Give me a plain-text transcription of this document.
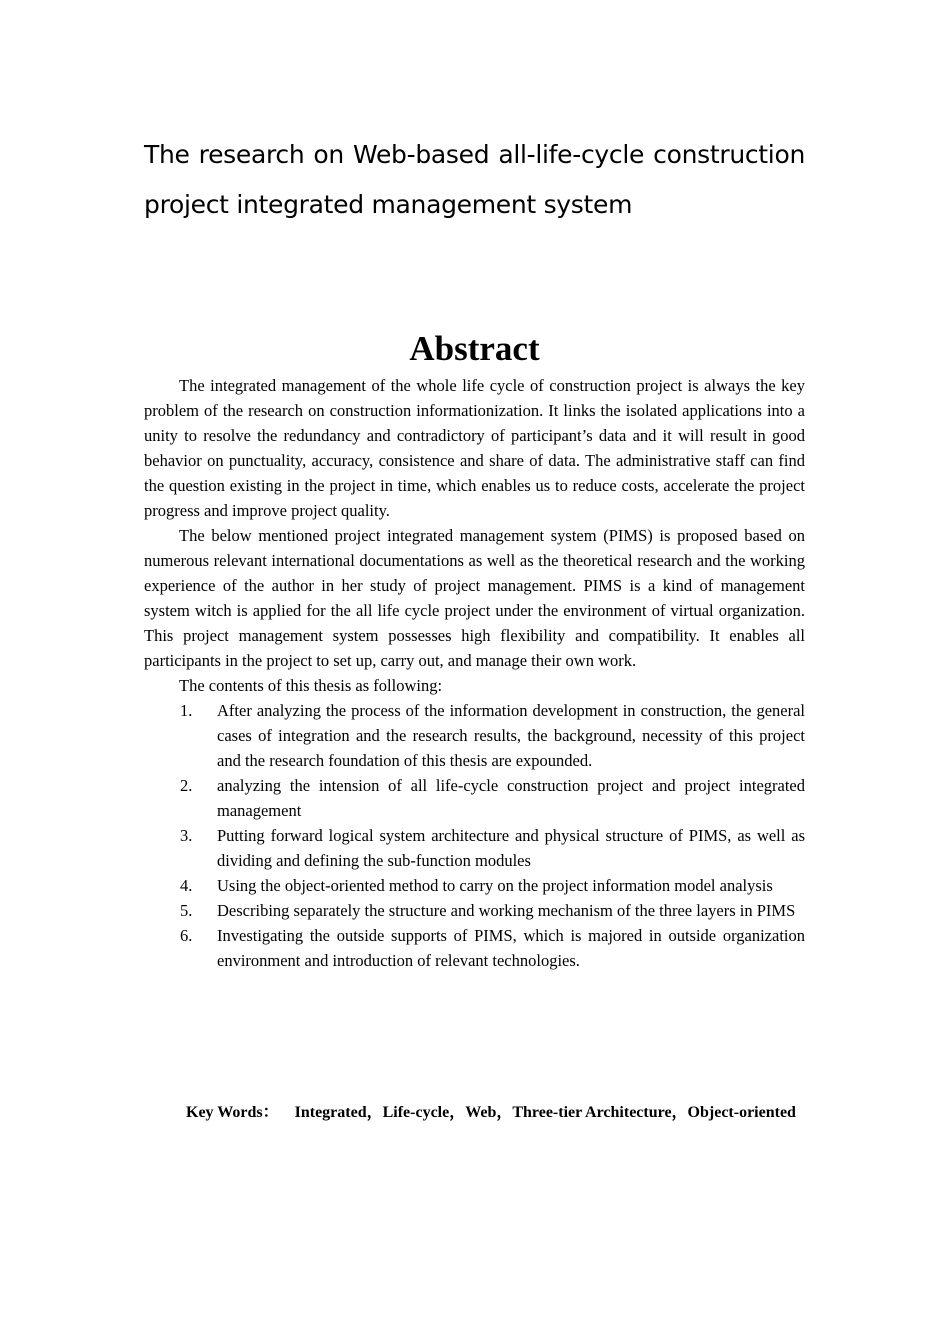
The research on Web-based all-life-cycle construction project integrated management system
Abstract

The integrated management of the whole life cycle of construction project is always the key problem of the research on construction informationization. It links the isolated applications into a unity to resolve the redundancy and contradictory of participant’s data and it will result in good behavior on punctuality, accuracy, consistence and share of data. The administrative staff can find the question existing in the project in time, which enables us to reduce costs, accelerate the project progress and improve project quality.

The below mentioned project integrated management system (PIMS) is proposed based on numerous relevant international documentations as well as the theoretical research and the working experience of the author in her study of project management. PIMS is a kind of management system witch is applied for the all life cycle project under the environment of virtual organization. This project management system possesses high flexibility and compatibility. It enables all participants in the project to set up, carry out, and manage their own work.

The contents of this thesis as following:

1. After analyzing the process of the information development in construction, the general cases of integration and the research results, the background, necessity of this project and the research foundation of this thesis are expounded.
2. analyzing the intension of all life-cycle construction project and project integrated management
3. Putting forward logical system architecture and physical structure of PIMS, as well as dividing and defining the sub-function modules
4. Using the object-oriented method to carry on the project information model analysis
5. Describing separately the structure and working mechanism of the three layers in PIMS
6. Investigating the outside supports of PIMS, which is majored in outside organization environment and introduction of relevant technologies.
Key Words： Integrated，Life-cycle，Web，Three-tier Architecture，Object-oriented
